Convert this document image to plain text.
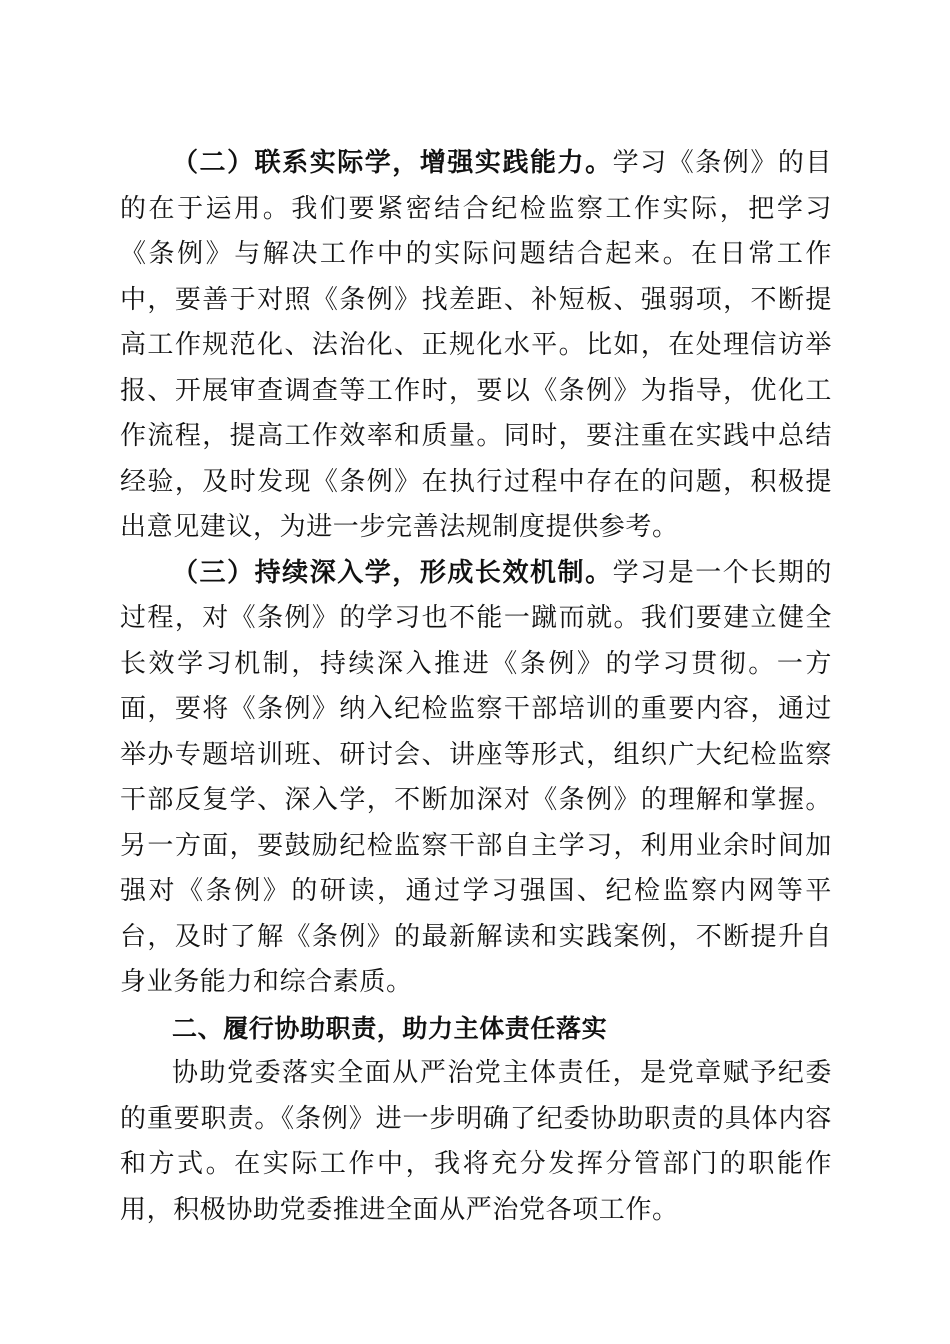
（二）联系实际学，增强实践能力。学习《条例》的目的在于运用。我们要紧密结合纪检监察工作实际，把学习《条例》与解决工作中的实际问题结合起来。在日常工作中，要善于对照《条例》找差距、补短板、强弱项，不断提高工作规范化、法治化、正规化水平。比如，在处理信访举报、开展审查调查等工作时，要以《条例》为指导，优化工作流程，提高工作效率和质量。同时，要注重在实践中总结经验，及时发现《条例》在执行过程中存在的问题，积极提出意见建议，为进一步完善法规制度提供参考。

（三）持续深入学，形成长效机制。学习是一个长期的过程，对《条例》的学习也不能一蹴而就。我们要建立健全长效学习机制，持续深入推进《条例》的学习贯彻。一方面，要将《条例》纳入纪检监察干部培训的重要内容，通过举办专题培训班、研讨会、讲座等形式，组织广大纪检监察干部反复学、深入学，不断加深对《条例》的理解和掌握。另一方面，要鼓励纪检监察干部自主学习，利用业余时间加强对《条例》的研读，通过学习强国、纪检监察内网等平台，及时了解《条例》的最新解读和实践案例，不断提升自身业务能力和综合素质。

二、履行协助职责，助力主体责任落实

协助党委落实全面从严治党主体责任，是党章赋予纪委的重要职责。《条例》进一步明确了纪委协助职责的具体内容和方式。在实际工作中，我将充分发挥分管部门的职能作用，积极协助党委推进全面从严治党各项工作。
